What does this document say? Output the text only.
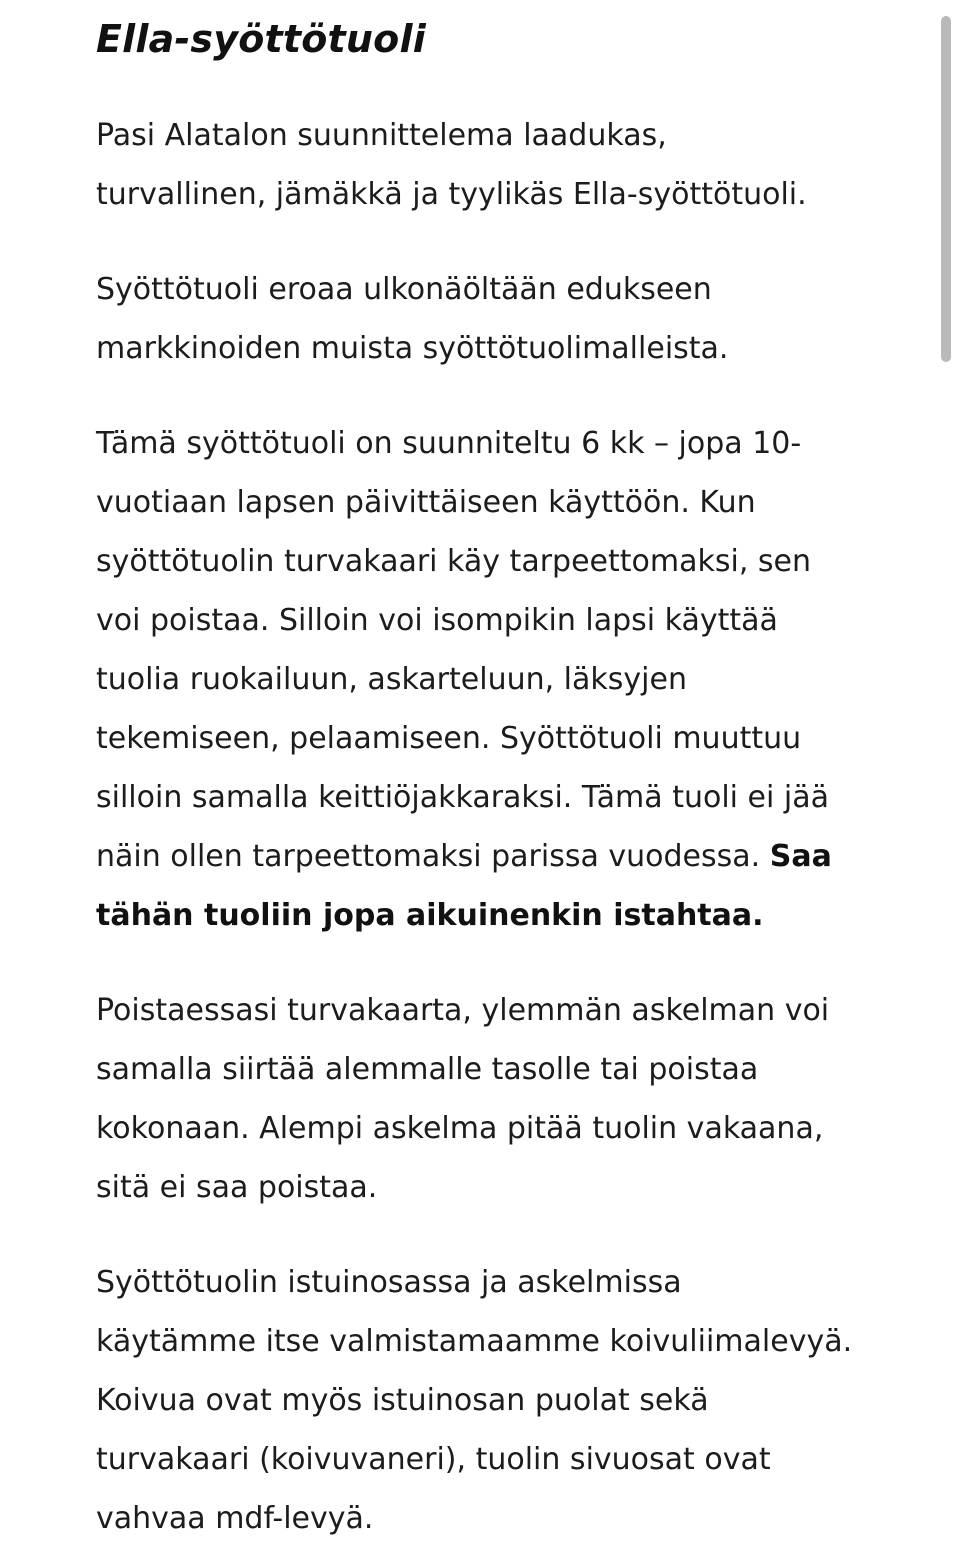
Ella-syöttötuoli

Pasi Alatalon suunnittelema laadukas,
turvallinen, jämäkkä ja tyylikäs Ella-syöttötuoli.

Syöttötuoli eroaa ulkonäöltään edukseen
markkinoiden muista syöttötuolimalleista.

Tämä syöttötuoli on suunniteltu 6 kk – jopa 10-
vuotiaan lapsen päivittäiseen käyttöön. Kun
syöttötuolin turvakaari käy tarpeettomaksi, sen
voi poistaa. Silloin voi isompikin lapsi käyttää
tuolia ruokailuun, askarteluun, läksyjen
tekemiseen, pelaamiseen. Syöttötuoli muuttuu
silloin samalla keittiöjakkaraksi. Tämä tuoli ei jää
näin ollen tarpeettomaksi parissa vuodessa. Saa
tähän tuoliin jopa aikuinenkin istahtaa.

Poistaessasi turvakaarta, ylemmän askelman voi
samalla siirtää alemmalle tasolle tai poistaa
kokonaan. Alempi askelma pitää tuolin vakaana,
sitä ei saa poistaa.

Syöttötuolin istuinosassa ja askelmissa
käytämme itse valmistamaamme koivuliimalevyä.
Koivua ovat myös istuinosan puolat sekä
turvakaari (koivuvaneri), tuolin sivuosat ovat
vahvaa mdf-levyä.
